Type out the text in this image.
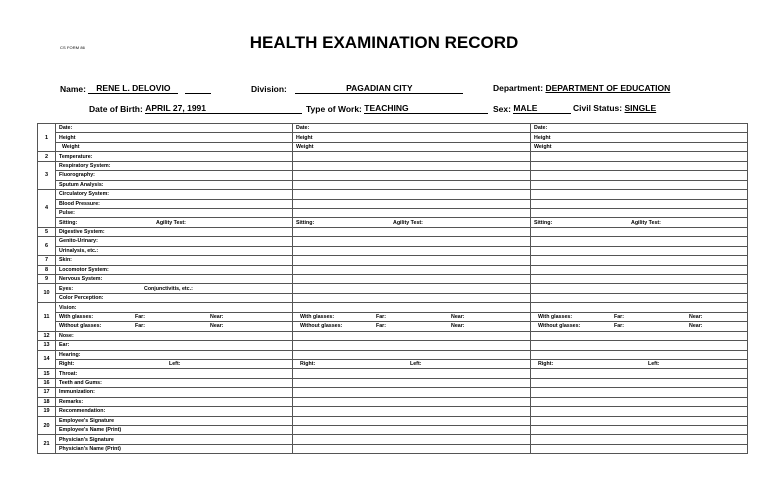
CS FORM 86	HEALTH EXAMINATION RECORD
Name: RENE L. DELOVIO	Division:	PAGADIAN CITY	Department: DEPARTMENT OF EDUCATION
Date of Birth: APRIL 27, 1991	Type of Work: TEACHING	Sex: MALE	Civil Status: SINGLE
1	Date:	Date:	Date:
	Height	Height	Height
	Weight	Weight	Weight
2	Temperature:		
3	Respiratory System:		
	Fluorography:		
	Sputum Analysis:		
4	Circulatory System:		
	Blood Pressure:		
	Pulse:		
	Sitting: Agility Test:	Sitting: Agility Test:	Sitting: Agility Test:
5	Digestive System:		
6	Genito-Urinary:		
	Urinalysis, etc.:		
7	Skin:		
8	Locomotor System:		
9	Nervous System:		
10	Eyes: Conjunctivitis, etc.:		
	Color Perception:		
11	Vision:		
	With glasses: Far: Near:	With glasses: Far: Near:	With glasses: Far: Near:
	Without glasses: Far: Near:	Without glasses: Far: Near:	Without glasses: Far: Near:
12	Nose:		
13	Ear:		
14	Hearing:		
	Right: Left:	Right: Left:	Right: Left:
15	Throat:		
16	Teeth and Gums:		
17	Immunization:		
18	Remarks:		
19	Recommendation:		
20	Employee's Signature		
	Employee's Name (Print)		
21	Physician's Signature		
	Physician's Name (Print)		
